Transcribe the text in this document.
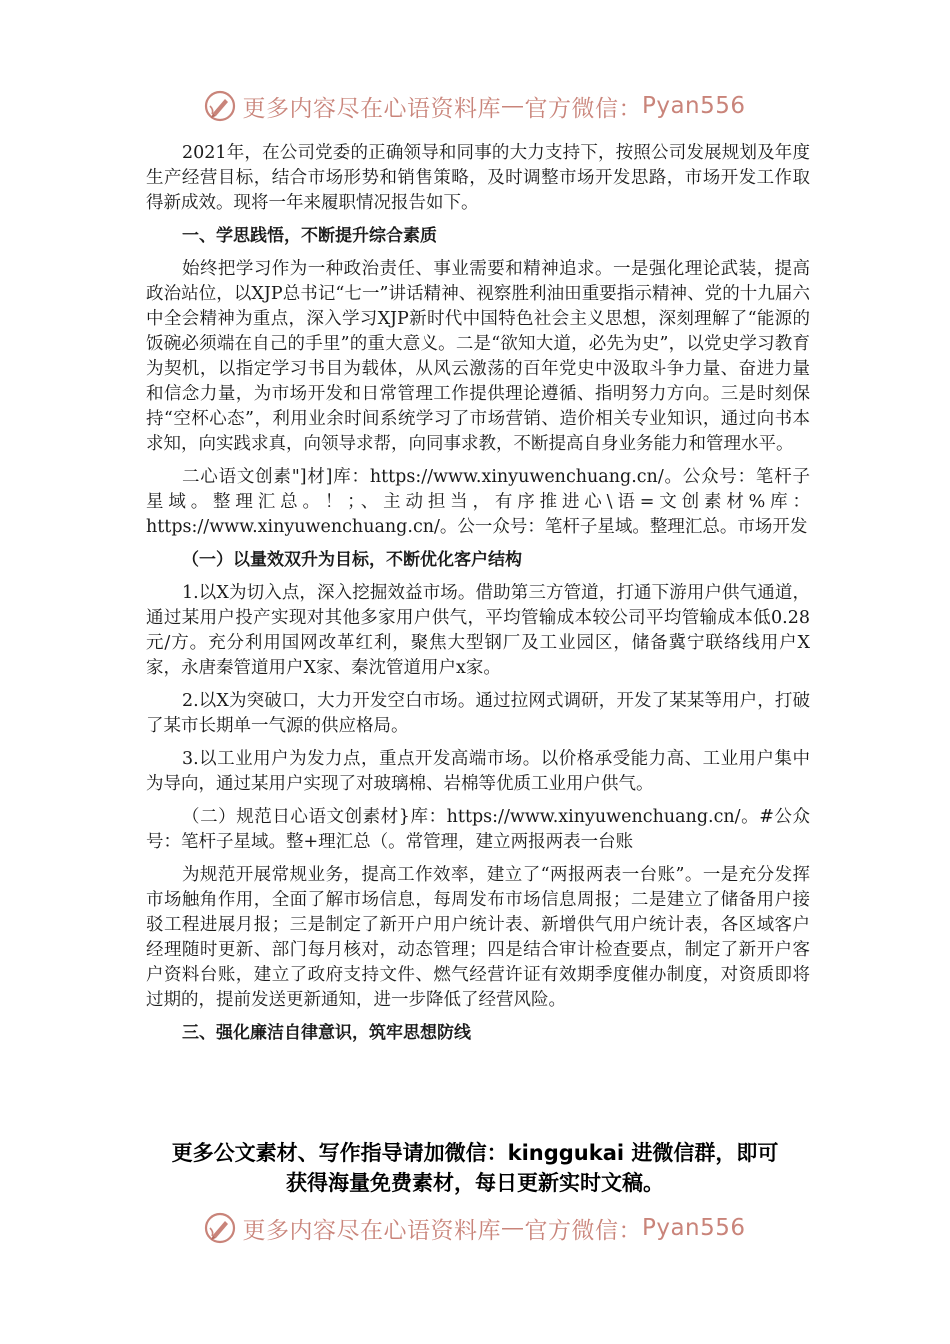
更多内容尽在心语资料库 — 官方微信： Pyan556

2021年，在公司党委的正确领导和同事的大力支持下，按照公司发展规划及年度生产经营目标，结合市场形势和销售策略，及时调整市场开发思路，市场开发工作取得新成效。现将一年来履职情况报告如下。

一、学思践悟，不断提升综合素质

始终把学习作为一种政治责任、事业需要和精神追求。一是强化理论武装，提高政治站位，以XJP总书记“七一”讲话精神、视察胜利油田重要指示精神、党的十九届六中全会精神为重点，深入学习XJP新时代中国特色社会主义思想，深刻理解了“能源的饭碗必须端在自己的手里”的重大意义。二是“欲知大道，必先为史”，以党史学习教育为契机，以指定学习书目为载体，从风云激荡的百年党史中汲取斗争力量、奋进力量和信念力量，为市场开发和日常管理工作提供理论遵循、指明努力方向。三是时刻保持“空杯心态”，利用业余时间系统学习了市场营销、造价相关专业知识，通过向书本求知，向实践求真，向领导求帮，向同事求教，不断提高自身业务能力和管理水平。

二心语文创素"]材]库：https://www.xinyuwenchuang.cn/。公众号：笔杆子星域。整理汇总。！；、主动担当，有序推进心\语=文创素材%库：https://www.xinyuwenchuang.cn/。公一众号：笔杆子星域。整理汇总。市场开发

（一）以量效双升为目标，不断优化客户结构

1.以X为切入点，深入挖掘效益市场。借助第三方管道，打通下游用户供气通道，通过某用户投产实现对其他多家用户供气，平均管输成本较公司平均管输成本低0.28元/方。充分利用国网改革红利，聚焦大型钢厂及工业园区，储备冀宁联络线用户X家，永唐秦管道用户X家、秦沈管道用户x家。

2.以X为突破口，大力开发空白市场。通过拉网式调研，开发了某某等用户，打破了某市长期单一气源的供应格局。

3.以工业用户为发力点，重点开发高端市场。以价格承受能力高、工业用户集中为导向，通过某用户实现了对玻璃棉、岩棉等优质工业用户供气。

（二）规范日心语文创素材}库：https://www.xinyuwenchuang.cn/。#公众号：笔杆子星域。整+理汇总（。常管理，建立两报两表一台账

为规范开展常规业务，提高工作效率，建立了“两报两表一台账”。一是充分发挥市场触角作用，全面了解市场信息，每周发布市场信息周报；二是建立了储备用户接驳工程进展月报；三是制定了新开户用户统计表、新增供气用户统计表，各区域客户经理随时更新、部门每月核对，动态管理；四是结合审计检查要点，制定了新开户客户资料台账，建立了政府支持文件、燃气经营许证有效期季度催办制度，对资质即将过期的，提前发送更新通知，进一步降低了经营风险。

三、强化廉洁自律意识，筑牢思想防线

更多公文素材、写作指导请加微信：kinggukai 进微信群，即可
获得海量免费素材，每日更新实时文稿。
更多内容尽在心语资料库 — 官方微信： Pyan556
